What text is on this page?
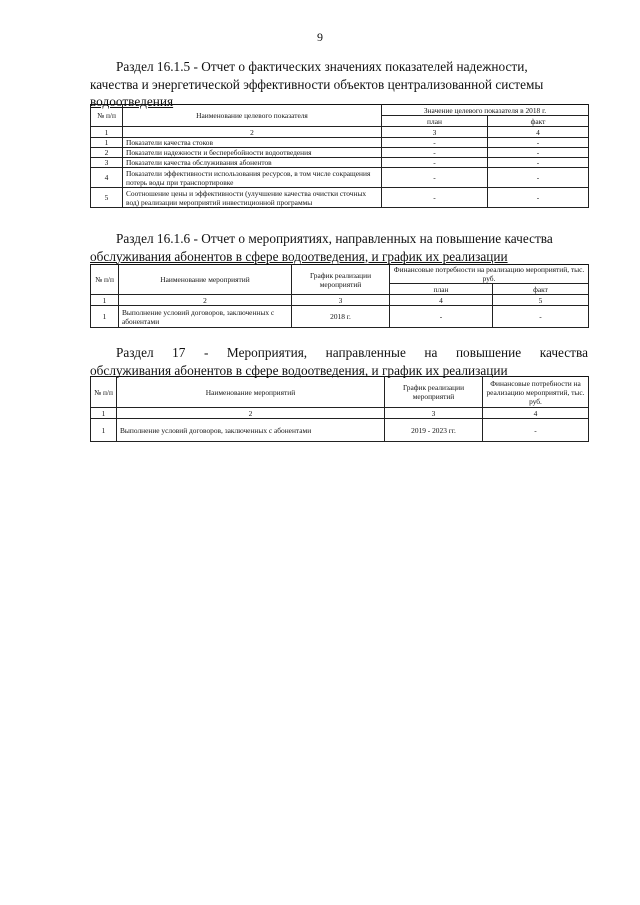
9
Раздел 16.1.5 - Отчет о фактических значениях показателей надежности,
качества и энергетической эффективности объектов централизованной системы
водоотведения
№ п/п	Наименование целевого показателя	Значение целевого показателя в 2018 г.	
		план	факт
1	2	3	4
1	Показатели качества стоков	-	-
2	Показатели надежности и бесперебойности водоотведения	-	-
3	Показатели качества обслуживания абонентов	-	-
4	Показатели эффективности использования ресурсов, в том числе сокращения потерь воды при транспортировке	-	-
5	Соотношение цены и эффективности (улучшение качества очистки сточных вод) реализации мероприятий инвестиционной программы	-	-
Раздел 16.1.6 - Отчет о мероприятиях, направленных на повышение качества
обслуживания абонентов в сфере водоотведения, и график их реализации
№ п/п	Наименование мероприятий	График реализации мероприятий	Финансовые потребности на реализацию мероприятий, тыс. руб.	
			план	факт
1	2	3	4	5
1	Выполнение условий договоров, заключенных с абонентами	2018 г.	-	-
Раздел 17 - Мероприятия, направленные на повышение качества
обслуживания абонентов в сфере водоотведения, и график их реализации
№ п/п	Наименование мероприятий	График реализации мероприятий	Финансовые потребности на реализацию мероприятий, тыс. руб.
1	2	3	4
1	Выполнение условий договоров, заключенных с абонентами	2019 - 2023 гг.	-
